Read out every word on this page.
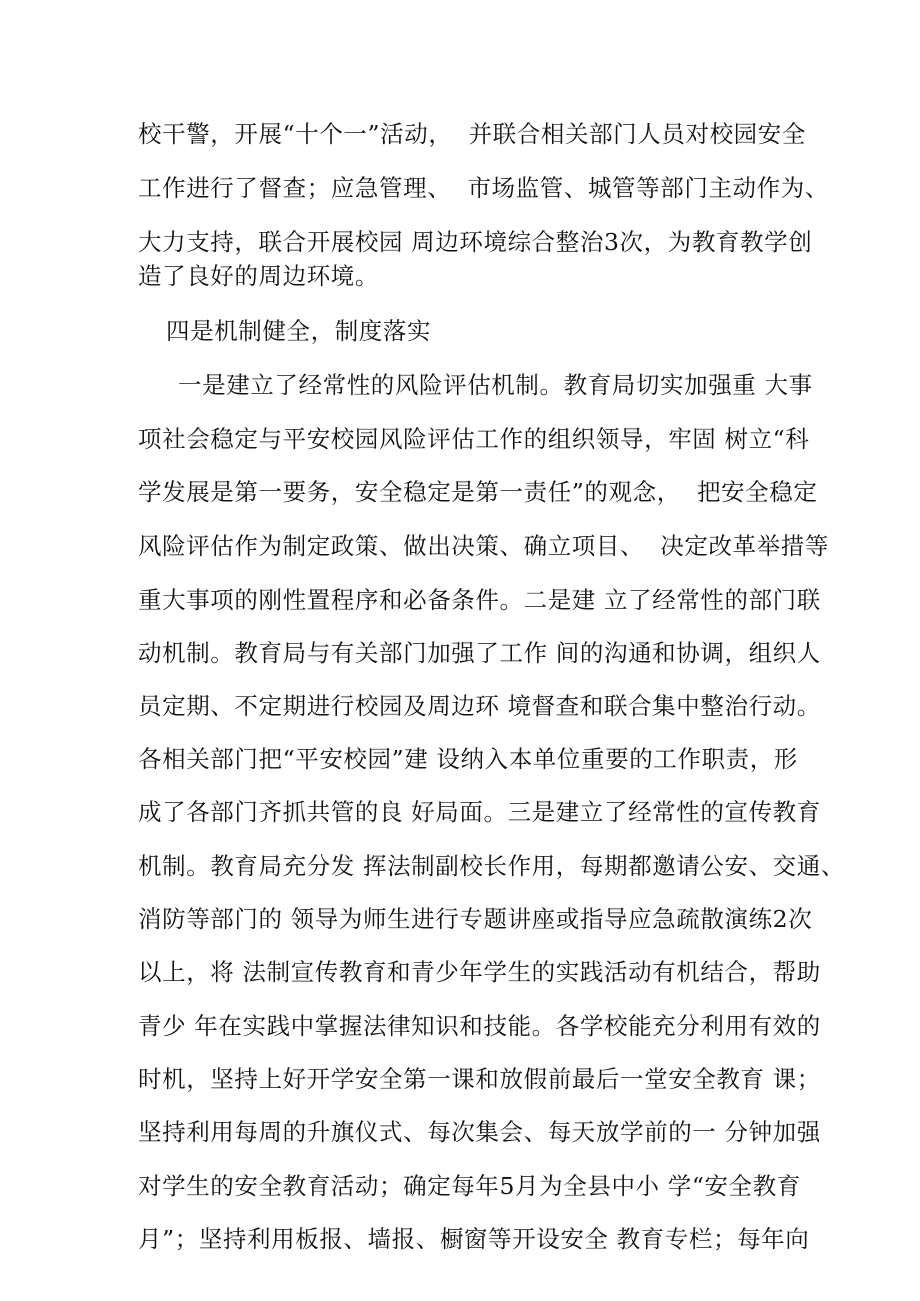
校干警，开展“十个一”活动，  并联合相关部门人员对校园安全
工作进行了督查；应急管理、  市场监管、城管等部门主动作为、
大力支持，联合开展校园 周边环境综合整治3次，为教育教学创
造了良好的周边环境。
四是机制健全，制度落实
一是建立了经常性的风险评估机制。教育局切实加强重 大事
项社会稳定与平安校园风险评估工作的组织领导，牢固 树立“科
学发展是第一要务，安全稳定是第一责任”的观念，  把安全稳定
风险评估作为制定政策、做出决策、确立项目、  决定改革举措等
重大事项的刚性置程序和必备条件。二是建 立了经常性的部门联
动机制。教育局与有关部门加强了工作 间的沟通和协调，组织人
员定期、不定期进行校园及周边环 境督查和联合集中整治行动。
各相关部门把“平安校园”建 设纳入本单位重要的工作职责，形
成了各部门齐抓共管的良 好局面。三是建立了经常性的宣传教育
机制。教育局充分发 挥法制副校长作用，每期都邀请公安、交通、
消防等部门的 领导为师生进行专题讲座或指导应急疏散演练2次
以上，将 法制宣传教育和青少年学生的实践活动有机结合，帮助
青少 年在实践中掌握法律知识和技能。各学校能充分利用有效的
时机，坚持上好开学安全第一课和放假前最后一堂安全教育 课；
坚持利用每周的升旗仪式、每次集会、每天放学前的一 分钟加强
对学生的安全教育活动；确定每年5月为全县中小 学“安全教育
月”；坚持利用板报、墙报、橱窗等开设安全 教育专栏；每年向
